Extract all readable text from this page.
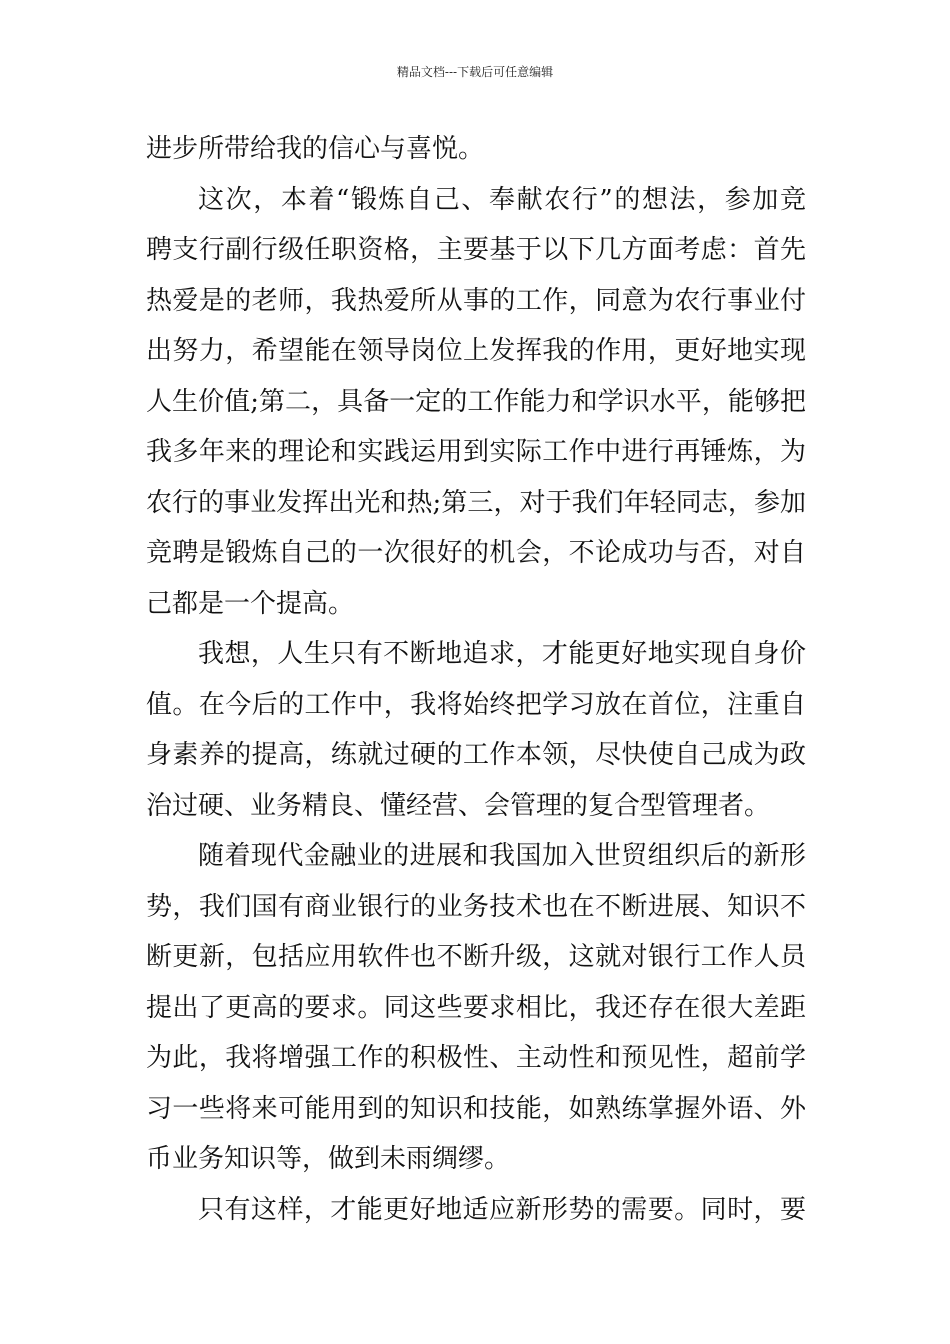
精品文档---下载后可任意编辑
进步所带给我的信心与喜悦。
这次，本着“锻炼自己、奉献农行”的想法，参加竞
聘支行副行级任职资格，主要基于以下几方面考虑：首先
热爱是的老师，我热爱所从事的工作，同意为农行事业付
出努力，希望能在领导岗位上发挥我的作用，更好地实现
人生价值;第二，具备一定的工作能力和学识水平，能够把
我多年来的理论和实践运用到实际工作中进行再锤炼，为
农行的事业发挥出光和热;第三，对于我们年轻同志，参加
竞聘是锻炼自己的一次很好的机会，不论成功与否，对自
己都是一个提高。
我想，人生只有不断地追求，才能更好地实现自身价
值。在今后的工作中，我将始终把学习放在首位，注重自
身素养的提高，练就过硬的工作本领，尽快使自己成为政
治过硬、业务精良、懂经营、会管理的复合型管理者。
随着现代金融业的进展和我国加入世贸组织后的新形
势，我们国有商业银行的业务技术也在不断进展、知识不
断更新，包括应用软件也不断升级，这就对银行工作人员
提出了更高的要求。同这些要求相比，我还存在很大差距
为此，我将增强工作的积极性、主动性和预见性，超前学
习一些将来可能用到的知识和技能，如熟练掌握外语、外
币业务知识等，做到未雨绸缪。
只有这样，才能更好地适应新形势的需要。同时，要
